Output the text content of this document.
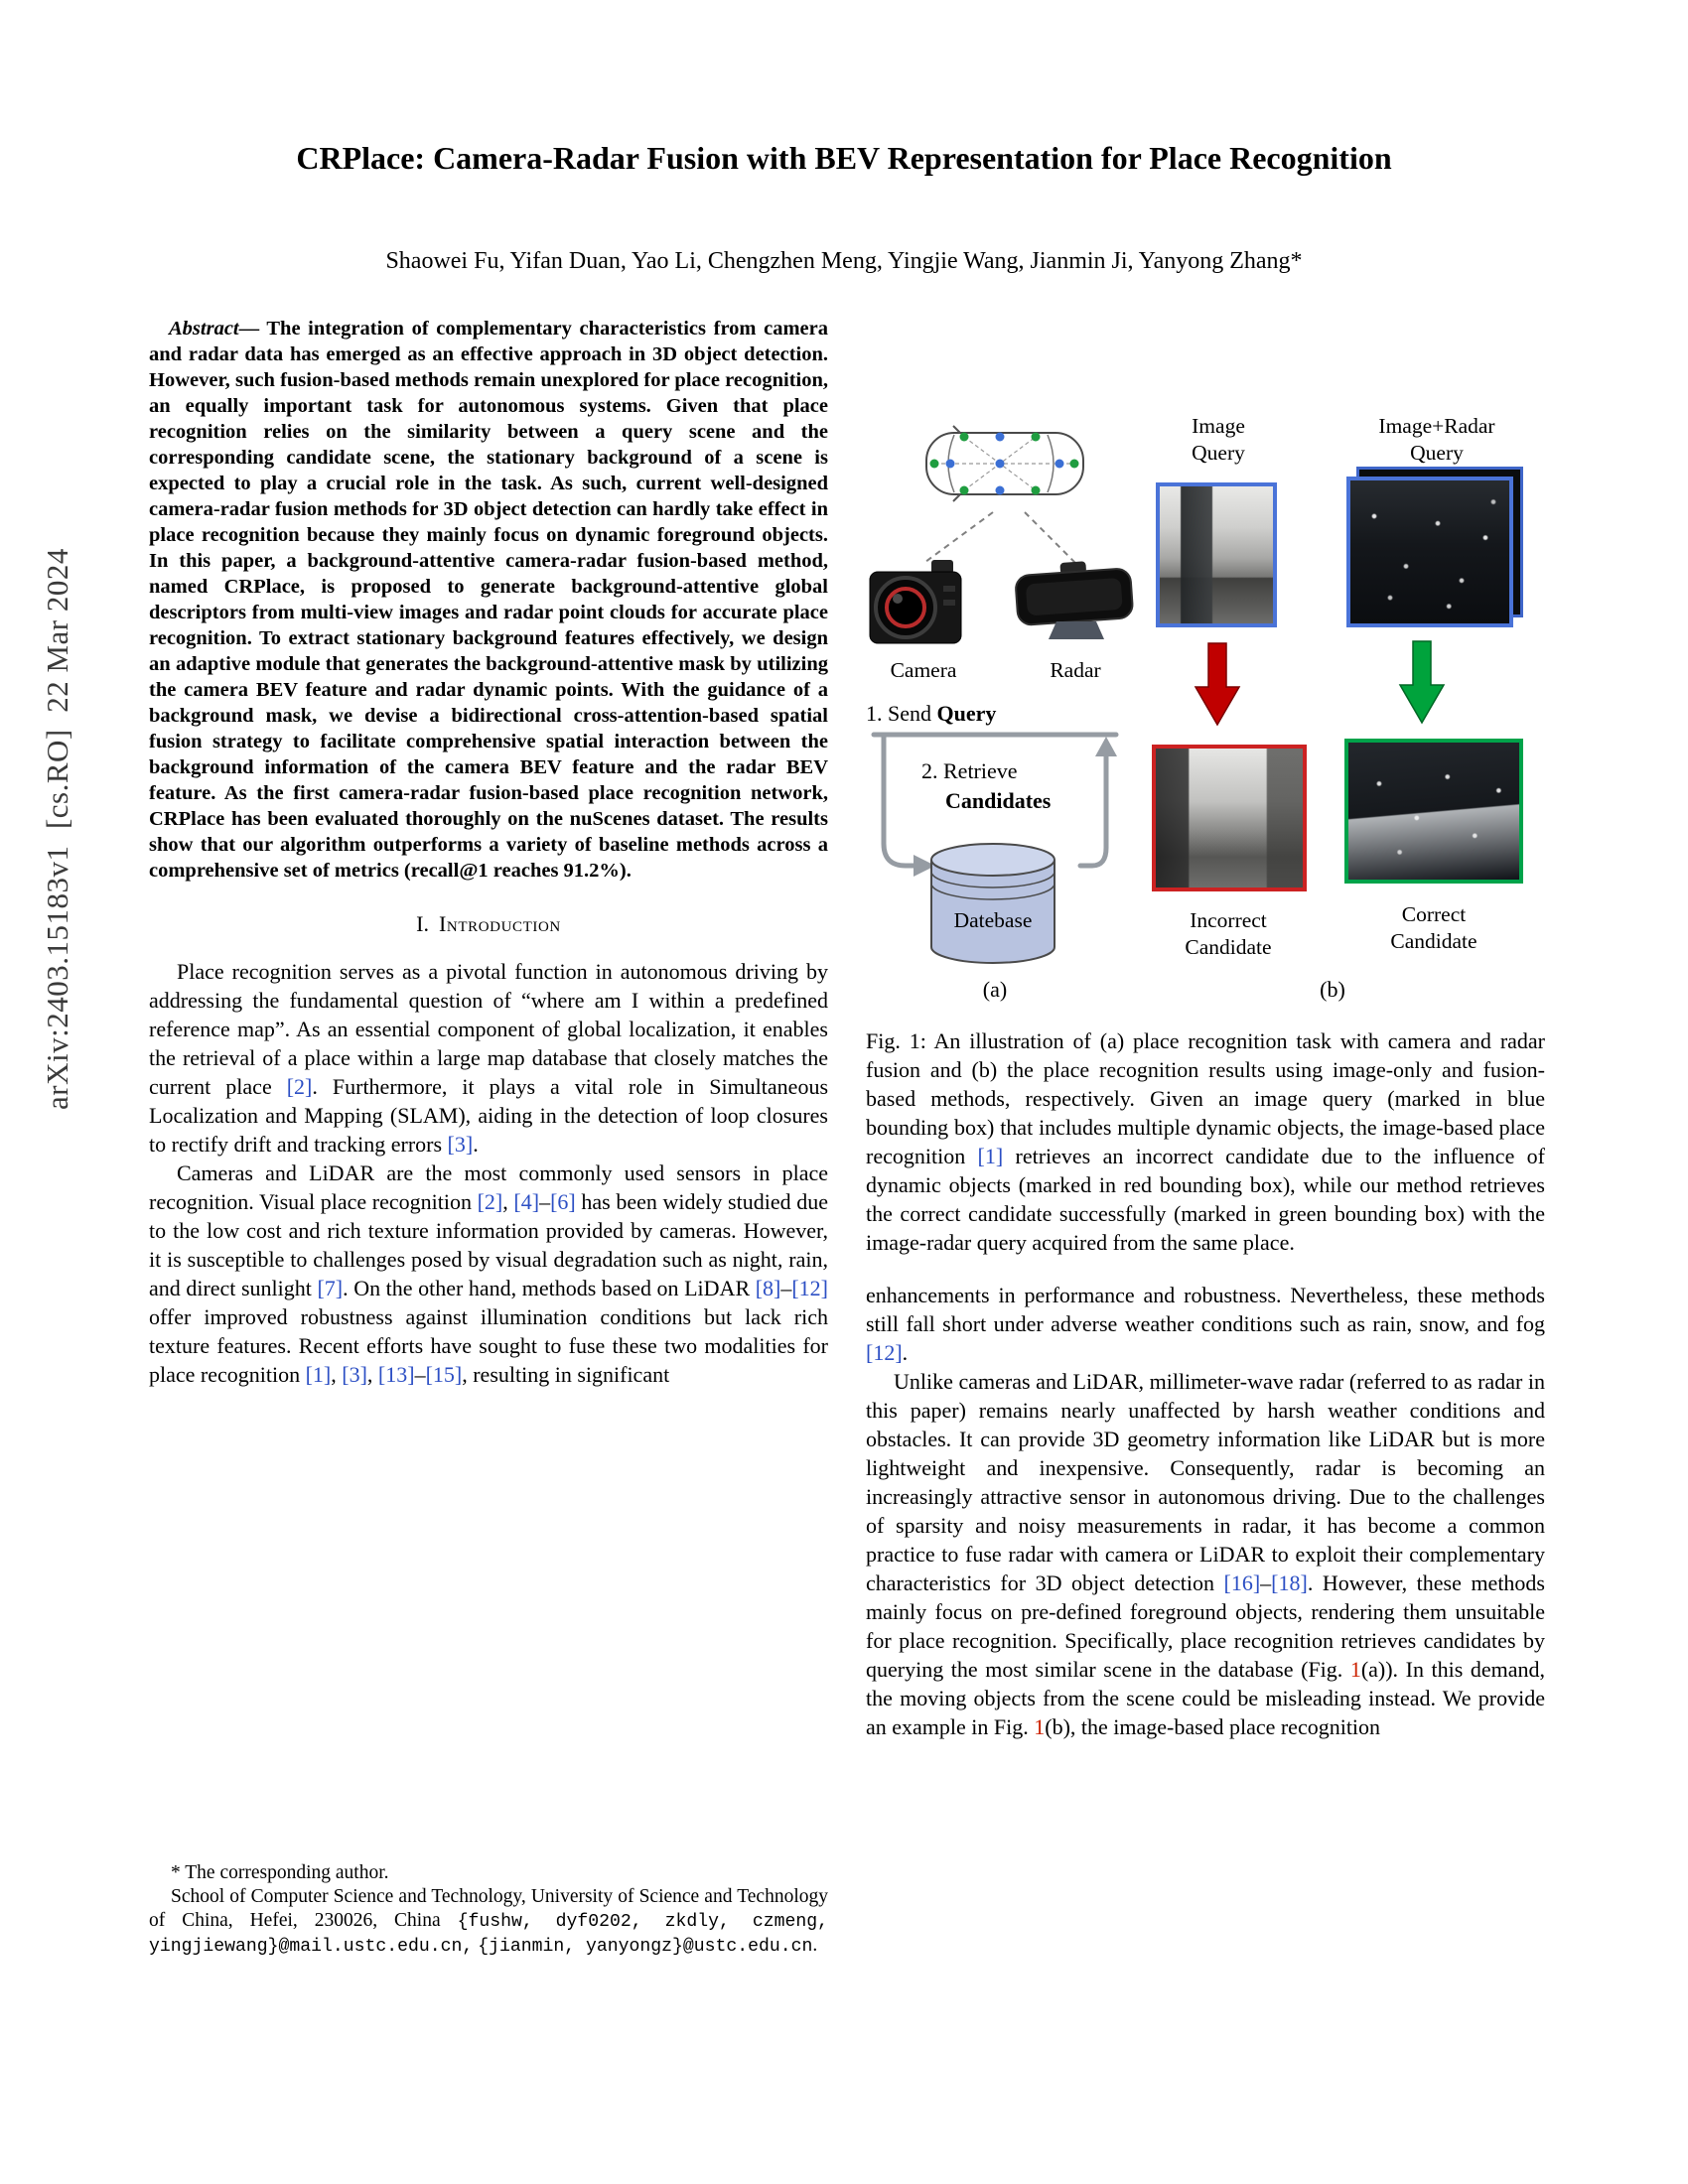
arXiv:2403.15183v1  [cs.RO]  22 Mar 2024
CRPlace: Camera-Radar Fusion with BEV Representation for Place Recognition
Shaowei Fu, Yifan Duan, Yao Li, Chengzhen Meng, Yingjie Wang, Jianmin Ji, Yanyong Zhang*

Abstract— The integration of complementary characteristics from camera and radar data has emerged as an effective approach in 3D object detection. However, such fusion-based methods remain unexplored for place recognition, an equally important task for autonomous systems. Given that place recognition relies on the similarity between a query scene and the corresponding candidate scene, the stationary background of a scene is expected to play a crucial role in the task. As such, current well-designed camera-radar fusion methods for 3D object detection can hardly take effect in place recognition because they mainly focus on dynamic foreground objects. In this paper, a background-attentive camera-radar fusion-based method, named CRPlace, is proposed to generate background-attentive global descriptors from multi-view images and radar point clouds for accurate place recognition. To extract stationary background features effectively, we design an adaptive module that generates the background-attentive mask by utilizing the camera BEV feature and radar dynamic points. With the guidance of a background mask, we devise a bidirectional cross-attention-based spatial fusion strategy to facilitate comprehensive spatial interaction between the background information of the camera BEV feature and the radar BEV feature. As the first camera-radar fusion-based place recognition network, CRPlace has been evaluated thoroughly on the nuScenes dataset. The results show that our algorithm outperforms a variety of baseline methods across a comprehensive set of metrics (recall@1 reaches 91.2%).

I. Introduction

Place recognition serves as a pivotal function in autonomous driving by addressing the fundamental question of “where am I within a predefined reference map”. As an essential component of global localization, it enables the retrieval of a place within a large map database that closely matches the current place [2]. Furthermore, it plays a vital role in Simultaneous Localization and Mapping (SLAM), aiding in the detection of loop closures to rectify drift and tracking errors [3].

Cameras and LiDAR are the most commonly used sensors in place recognition. Visual place recognition [2], [4]–[6] has been widely studied due to the low cost and rich texture information provided by cameras. However, it is susceptible to challenges posed by visual degradation such as night, rain, and direct sunlight [7]. On the other hand, methods based on LiDAR [8]–[12] offer improved robustness against illumination conditions but lack rich texture features. Recent efforts have sought to fuse these two modalities for place recognition [1], [3], [13]–[15], resulting in significant

* The corresponding author.

School of Computer Science and Technology, University of Science and Technology of China, Hefei, 230026, China {fushw, dyf0202, zkdly, czmeng, yingjiewang}@mail.ustc.edu.cn, {jianmin, yanyongz}@ustc.edu.cn.

Camera	Radar
1. Send Query
2. Retrieve
Candidates
Datebase
(a)
Image Query
Image+Radar Query
Incorrect Candidate
Correct Candidate
(b)

Fig. 1: An illustration of (a) place recognition task with camera and radar fusion and (b) the place recognition results using image-only and fusion-based methods, respectively. Given an image query (marked in blue bounding box) that includes multiple dynamic objects, the image-based place recognition [1] retrieves an incorrect candidate due to the influence of dynamic objects (marked in red bounding box), while our method retrieves the correct candidate successfully (marked in green bounding box) with the image-radar query acquired from the same place.

enhancements in performance and robustness. Nevertheless, these methods still fall short under adverse weather conditions such as rain, snow, and fog [12].

Unlike cameras and LiDAR, millimeter-wave radar (referred to as radar in this paper) remains nearly unaffected by harsh weather conditions and obstacles. It can provide 3D geometry information like LiDAR but is more lightweight and inexpensive. Consequently, radar is becoming an increasingly attractive sensor in autonomous driving. Due to the challenges of sparsity and noisy measurements in radar, it has become a common practice to fuse radar with camera or LiDAR to exploit their complementary characteristics for 3D object detection [16]–[18]. However, these methods mainly focus on pre-defined foreground objects, rendering them unsuitable for place recognition. Specifically, place recognition retrieves candidates by querying the most similar scene in the database (Fig. 1(a)). In this demand, the moving objects from the scene could be misleading instead. We provide an example in Fig. 1(b), the image-based place recognition
